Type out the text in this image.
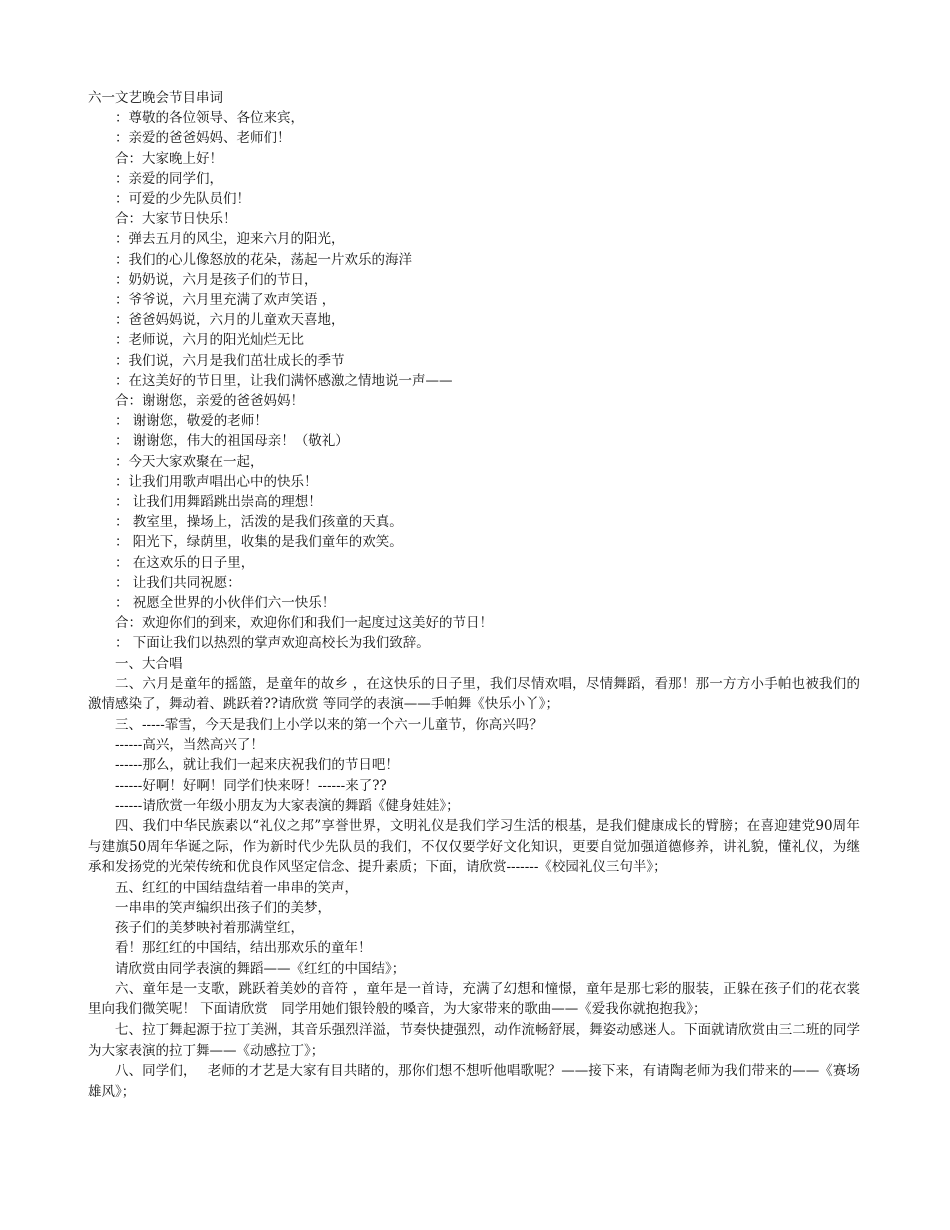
六一文艺晚会节目串词
：尊敬的各位领导、各位来宾，
：亲爱的爸爸妈妈、老师们！
合：大家晚上好！
：亲爱的同学们，
：可爱的少先队员们！
合：大家节日快乐！
：弹去五月的风尘，迎来六月的阳光，
：我们的心儿像怒放的花朵，荡起一片欢乐的海洋
：奶奶说，六月是孩子们的节日，
：爷爷说，六月里充满了欢声笑语 ，
：爸爸妈妈说，六月的儿童欢天喜地，
：老师说，六月的阳光灿烂无比
：我们说，六月是我们茁壮成长的季节
：在这美好的节日里，让我们满怀感激之情地说一声——
合：谢谢您，亲爱的爸爸妈妈！
： 谢谢您，敬爱的老师！
： 谢谢您，伟大的祖国母亲！（敬礼）
：今天大家欢聚在一起，
：让我们用歌声唱出心中的快乐！
： 让我们用舞蹈跳出崇高的理想！
： 教室里，操场上，活泼的是我们孩童的天真。
： 阳光下，绿荫里，收集的是我们童年的欢笑。
： 在这欢乐的日子里，
： 让我们共同祝愿：
： 祝愿全世界的小伙伴们六一快乐！
合：欢迎你们的到来，欢迎你们和我们一起度过这美好的节日！
： 下面让我们以热烈的掌声欢迎高校长为我们致辞。
一、大合唱
二、六月是童年的摇篮，是童年的故乡 ，在这快乐的日子里，我们尽情欢唱，尽情舞蹈，看那！那一方方小手帕也被我们的激情感染了，舞动着、跳跃着??请欣赏 等同学的表演——手帕舞《快乐小丫》；
三、-----霏雪，今天是我们上小学以来的第一个六一儿童节，你高兴吗？
------高兴，当然高兴了！
------那么，就让我们一起来庆祝我们的节日吧！
------好啊！好啊！同学们快来呀！------来了??
------请欣赏一年级小朋友为大家表演的舞蹈《健身娃娃》；
四、我们中华民族素以“礼仪之邦”享誉世界，文明礼仪是我们学习生活的根基，是我们健康成长的臂膀；在喜迎建党90周年与建旗50周年华诞之际，作为新时代少先队员的我们，不仅仅要学好文化知识，更要自觉加强道德修养，讲礼貌，懂礼仪，为继承和发扬党的光荣传统和优良作风坚定信念、提升素质；下面，请欣赏-------《校园礼仪三句半》；
五、红红的中国结盘结着一串串的笑声，
一串串的笑声编织出孩子们的美梦，
孩子们的美梦映衬着那满堂红，
看！那红红的中国结，结出那欢乐的童年！
请欣赏由同学表演的舞蹈——《红红的中国结》；
六、童年是一支歌，跳跃着美妙的音符 ，童年是一首诗，充满了幻想和憧憬，童年是那七彩的服装，正躲在孩子们的花衣裳里向我们微笑呢！ 下面请欣赏　同学用她们银铃般的嗓音，为大家带来的歌曲——《爱我你就抱抱我》；
七、拉丁舞起源于拉丁美洲，其音乐强烈洋溢，节奏快捷强烈，动作流畅舒展，舞姿动感迷人。下面就请欣赏由三二班的同学为大家表演的拉丁舞——《动感拉丁》；
八、同学们，　 老师的才艺是大家有目共睹的，那你们想不想听他唱歌呢？——接下来，有请陶老师为我们带来的——《赛场雄风》；
